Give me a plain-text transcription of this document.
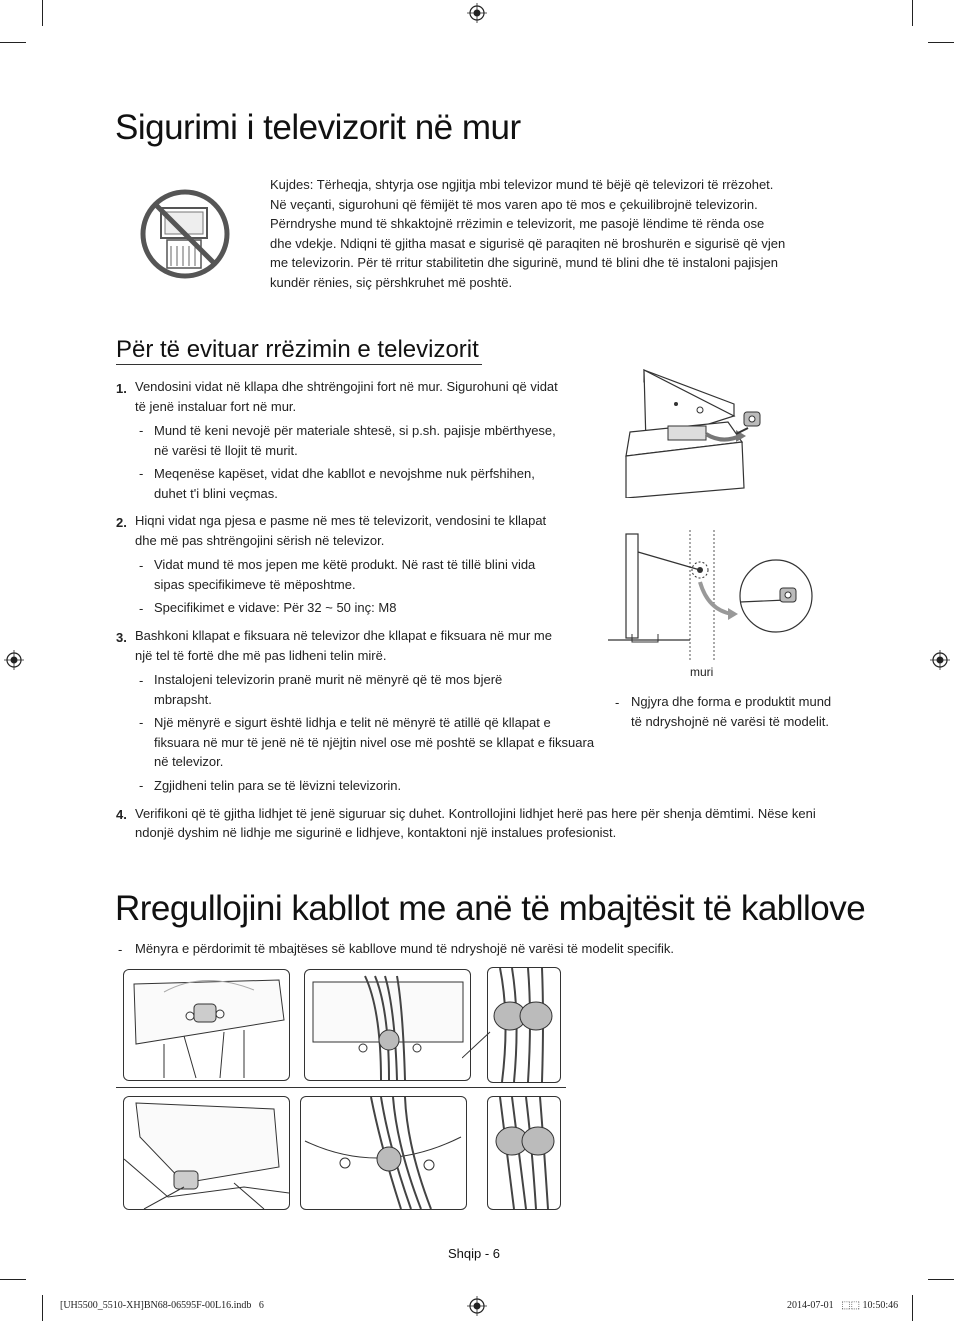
Sigurimi i televizorit në mur
Kujdes: Tërheqja, shtyrja ose ngjitja mbi televizor mund të bëjë që televizori të rrëzohet.
Në veçanti, sigurohuni që fëmijët të mos varen apo të mos e çekuilibrojnë televizorin.
Përndryshe mund të shkaktojnë rrëzimin e televizorit, me pasojë lëndime të rënda ose
dhe vdekje. Ndiqni të gjitha masat e sigurisë që paraqiten në broshurën e sigurisë që vjen
me televizorin. Për të rritur stabilitetin dhe sigurinë, mund të blini dhe të instaloni pajisjen
kundër rënies, siç përshkruhet më poshtë.
Për të evituar rrëzimin e televizorit
1. Vendosini vidat në kllapa dhe shtrëngojini fort në mur. Sigurohuni që vidat
të jenë instaluar fort në mur.
- Mund të keni nevojë për materiale shtesë, si p.sh. pajisje mbërthyese,
në varësi të llojit të murit.
- Meqenëse kapëset, vidat dhe kabllot e nevojshme nuk përfshihen,
duhet t'i blini veçmas.
2. Hiqni vidat nga pjesa e pasme në mes të televizorit, vendosini te kllapat
dhe më pas shtrëngojini sërish në televizor.
- Vidat mund të mos jepen me këtë produkt. Në rast të tillë blini vida
sipas specifikimeve të mëposhtme.
- Specifikimet e vidave: Për 32 ~ 50 inç: M8
3. Bashkoni kllapat e fiksuara në televizor dhe kllapat e fiksuara në mur me
një tel të fortë dhe më pas lidheni telin mirë.
- Instalojeni televizorin pranë murit në mënyrë që të mos bjerë
mbrapsht.
- Një mënyrë e sigurt është lidhja e telit në mënyrë të atillë që kllapat e
fiksuara në mur të jenë në të njëjtin nivel ose më poshtë se kllapat e fiksuara
në televizor.
- Zgjidheni telin para se të lëvizni televizorin.
4. Verifikoni që të gjitha lidhjet të jenë siguruar siç duhet. Kontrollojini lidhjet herë pas here për shenja dëmtimi. Nëse keni
ndonjë dyshim në lidhje me sigurinë e lidhjeve, kontaktoni një instalues profesionist.
muri
- Ngjyra dhe forma e produktit mund
të ndryshojnë në varësi të modelit.
Rregullojini kabllot me anë të mbajtësit të kabllove
- Mënyra e përdorimit të mbajtëses së kabllove mund të ndryshojë në varësi të modelit specifik.
Shqip - 6
[UH5500_5510-XH]BN68-06595F-00L16.indb   6	2014-07-01   ⬚⬚ 10:50:46
